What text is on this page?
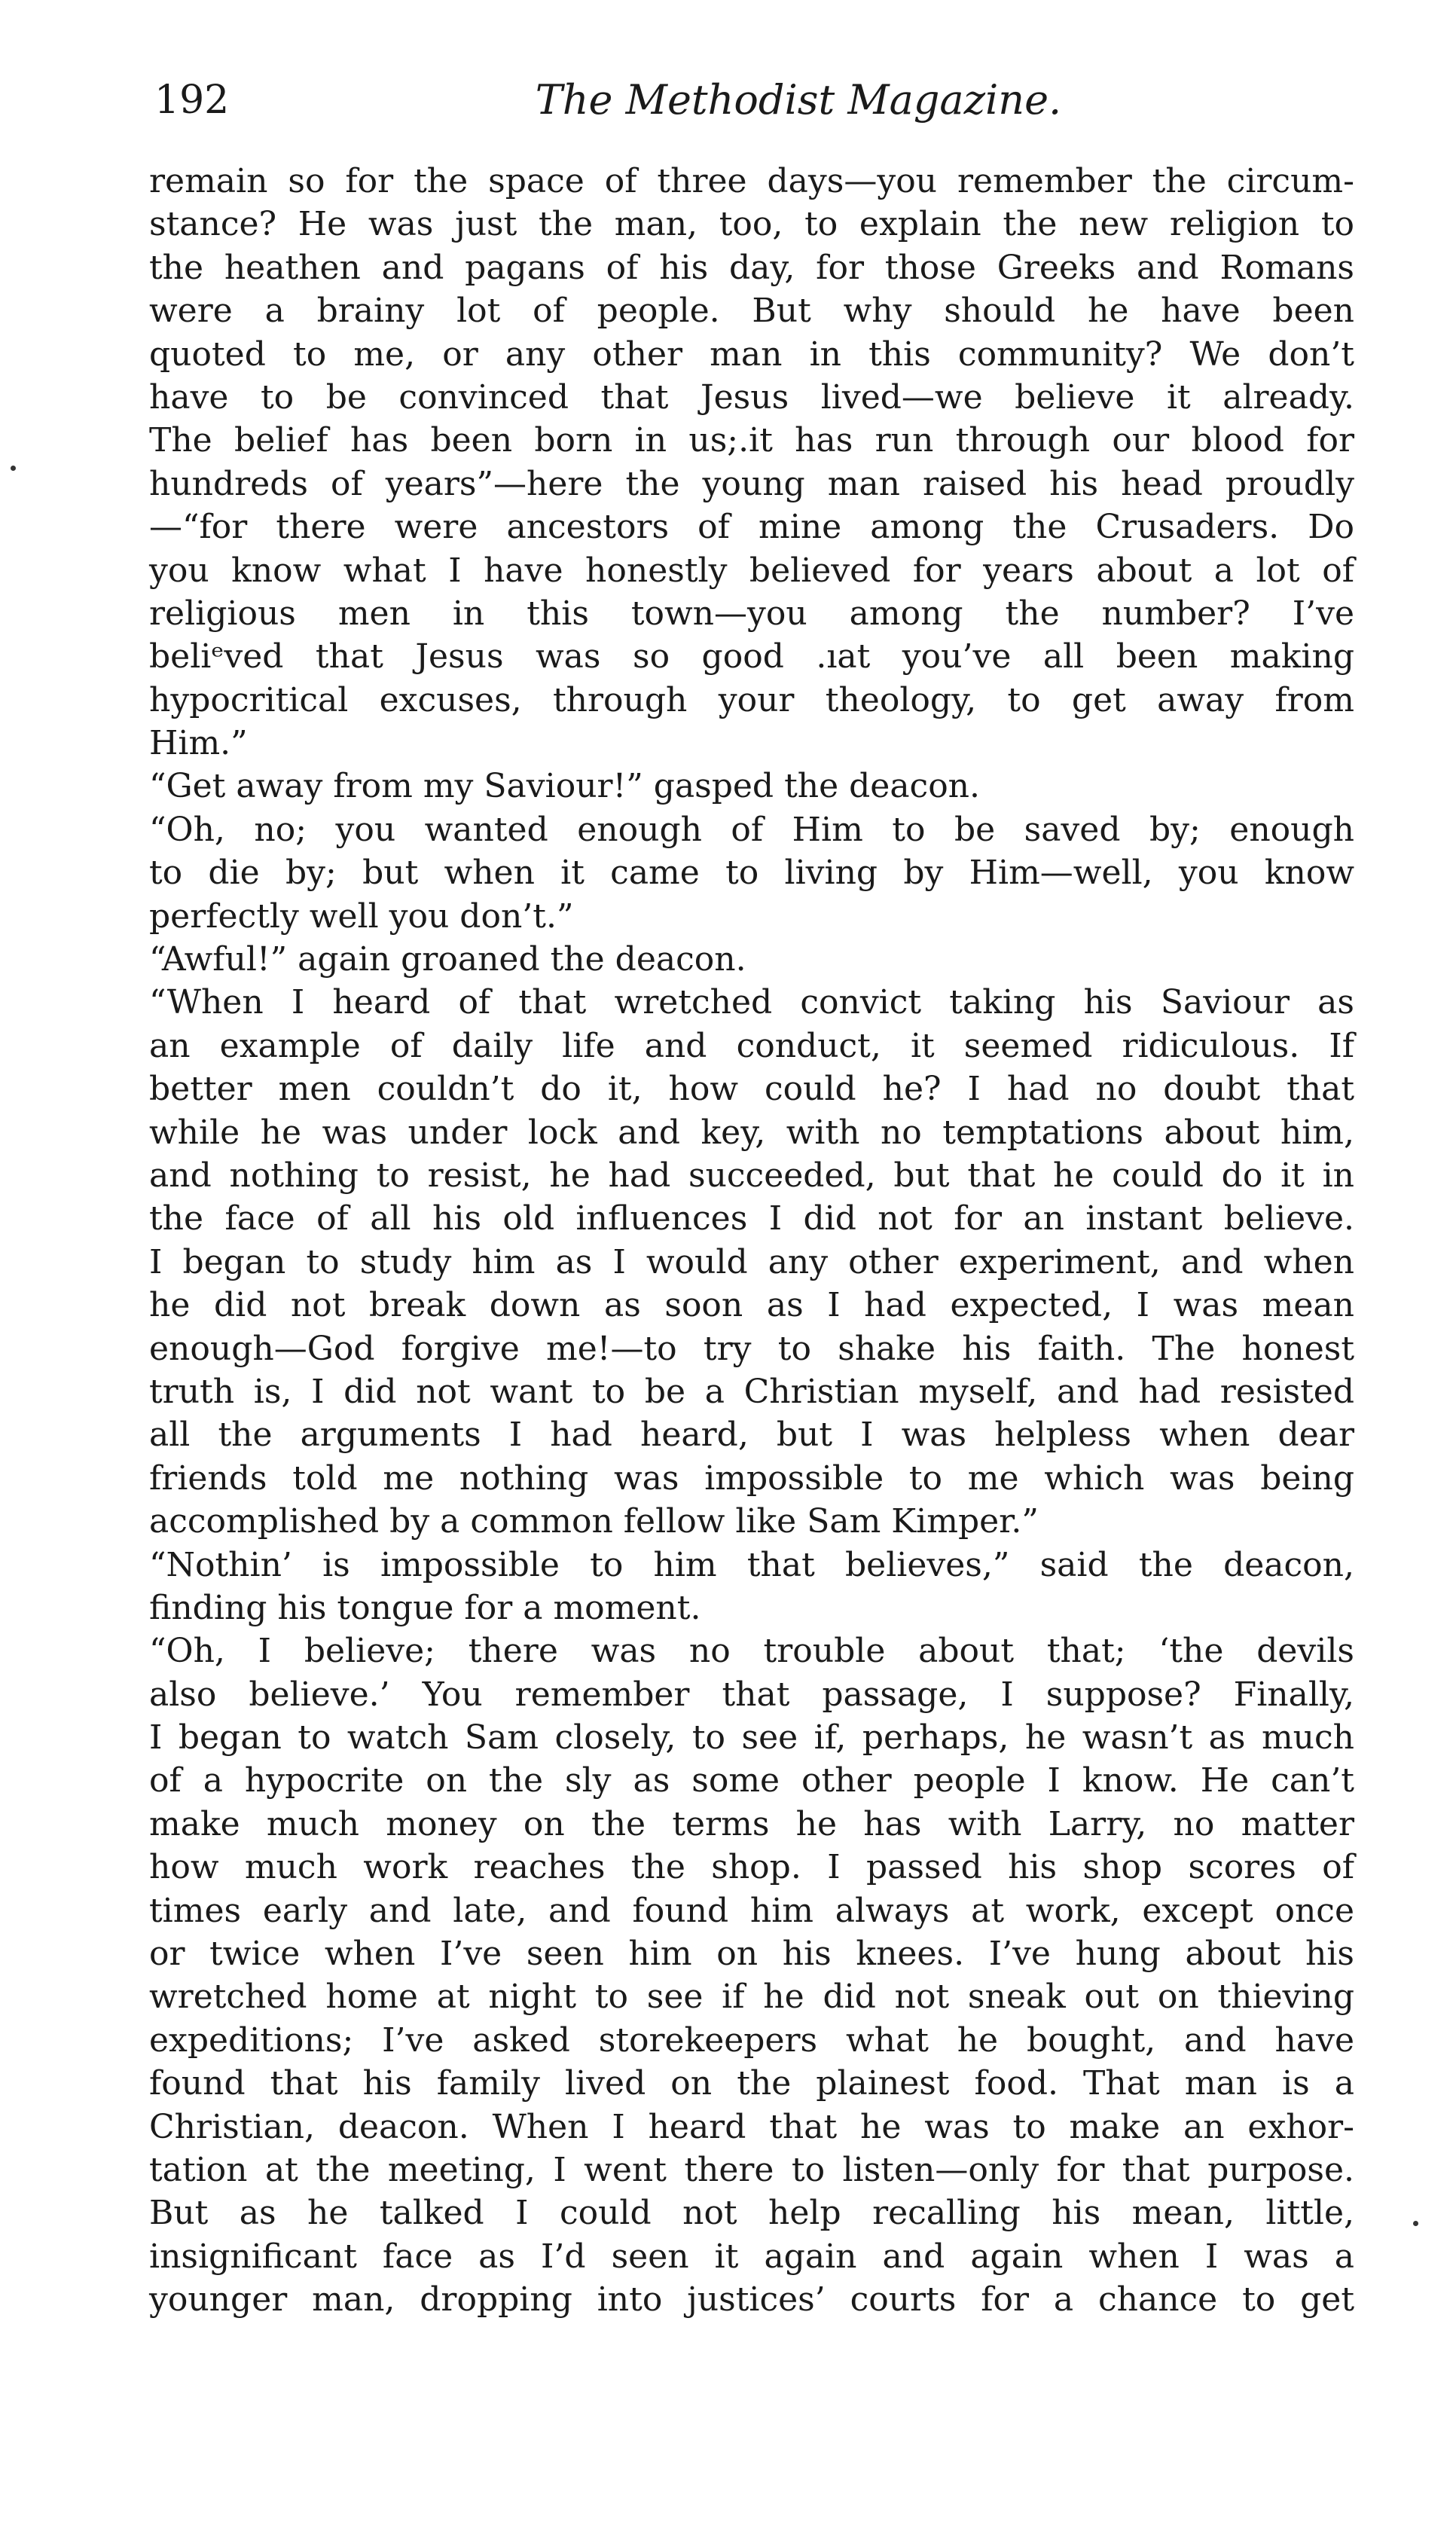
192	The Methodist Magazine.
remain so for the space of three days—you remember the circum-
stance? He was just the man, too, to explain the new religion to
the heathen and pagans of his day, for those Greeks and Romans
were a brainy lot of people. But why should he have been
quoted to me, or any other man in this community? We don’t
have to be convinced that Jesus lived—we believe it already.
The belief has been born in us;.it has run through our blood for
hundreds of years”—here the young man raised his head proudly
—“for there were ancestors of mine among the Crusaders. Do
you know what I have honestly believed for years about a lot of
religious men in this town—you among the number? I’ve
beliᵉved that Jesus was so good .ıat you’ve all been making
hypocritical excuses, through your theology, to get away from
Him.”
“Get away from my Saviour!” gasped the deacon.
“Oh, no; you wanted enough of Him to be saved by; enough
to die by; but when it came to living by Him—well, you know
perfectly well you don’t.”
“Awful!” again groaned the deacon.
“When I heard of that wretched convict taking his Saviour as
an example of daily life and conduct, it seemed ridiculous. If
better men couldn’t do it, how could he? I had no doubt that
while he was under lock and key, with no temptations about him,
and nothing to resist, he had succeeded, but that he could do it in
the face of all his old influences I did not for an instant believe.
I began to study him as I would any other experiment, and when
he did not break down as soon as I had expected, I was mean
enough—God forgive me!—to try to shake his faith. The honest
truth is, I did not want to be a Christian myself, and had resisted
all the arguments I had heard, but I was helpless when dear
friends told me nothing was impossible to me which was being
accomplished by a common fellow like Sam Kimper.”
“Nothin’ is impossible to him that believes,” said the deacon,
finding his tongue for a moment.
“Oh, I believe; there was no trouble about that; ‘the devils
also believe.’ You remember that passage, I suppose? Finally,
I began to watch Sam closely, to see if, perhaps, he wasn’t as much
of a hypocrite on the sly as some other people I know. He can’t
make much money on the terms he has with Larry, no matter
how much work reaches the shop. I passed his shop scores of
times early and late, and found him always at work, except once
or twice when I’ve seen him on his knees. I’ve hung about his
wretched home at night to see if he did not sneak out on thieving
expeditions; I’ve asked storekeepers what he bought, and have
found that his family lived on the plainest food. That man is a
Christian, deacon. When I heard that he was to make an exhor-
tation at the meeting, I went there to listen—only for that purpose.
But as he talked I could not help recalling his mean, little,
insignificant face as I’d seen it again and again when I was a
younger man, dropping into justices’ courts for a chance to get
